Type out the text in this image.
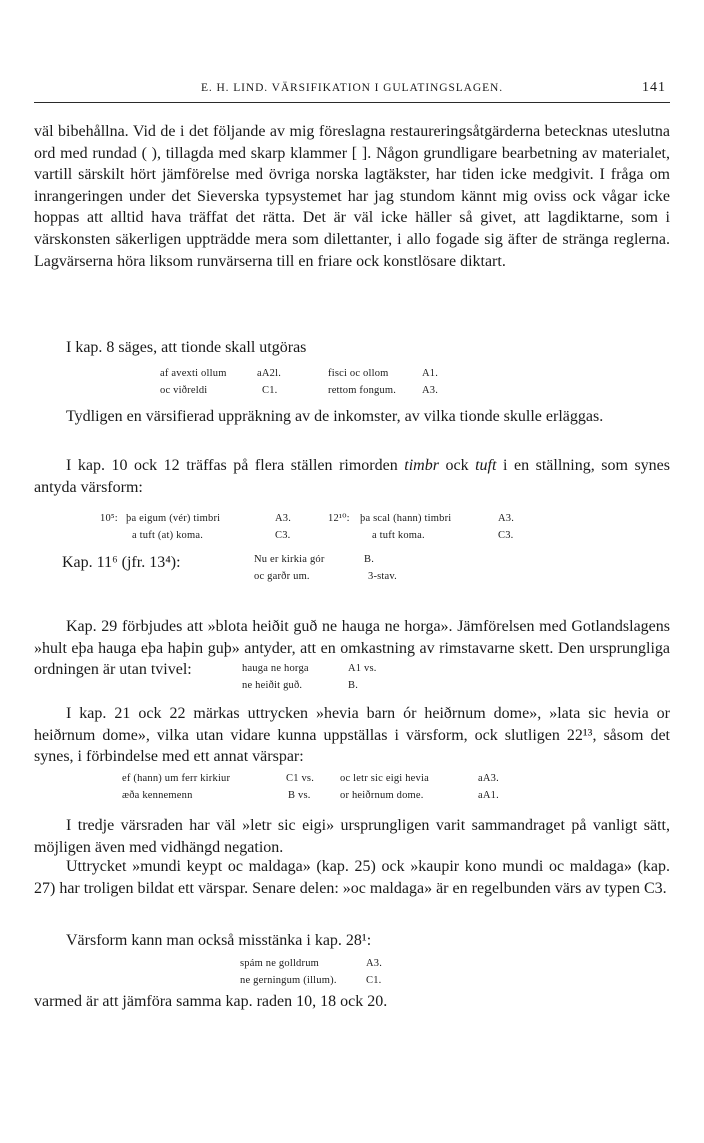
E. H. LIND. VÄRSIFIKATION I GULATINGSLAGEN.	141

väl bibehållna. Vid de i det följande av mig föreslagna restaureringsåtgärderna betecknas uteslutna ord med rundad ( ), tillagda med skarp klammer [ ]. Någon grundligare bearbetning av materialet, vartill särskilt hört jämförelse med övriga norska lagtäkster, har tiden icke medgivit. I fråga om inrangeringen under det Sieverska typsystemet har jag stundom kännt mig oviss ock vågar icke hoppas att alltid hava träffat det rätta. Det är väl icke häller så givet, att lagdiktarne, som i värskonsten säkerligen uppträdde mera som dilettanter, i allo fogade sig äfter de stränga reglerna. Lagvärserna höra liksom runvärserna till en friare ock konstlösare diktart.

I kap. 8 säges, att tionde skall utgöras

af avexti ollum	aA2l.	fisci oc ollom	A1.
oc viðreldi	C1.	rettom fongum. A3.

Tydligen en värsifierad uppräkning av de inkomster, av vilka tionde skulle erläggas.

I kap. 10 ock 12 träffas på flera ställen rimorden timbr ock tuft i en ställning, som synes antyda värsform:

10⁵: þa eigum (vér) timbri	A3.	12¹⁰: þa scal (hann) timbri	A3.
a tuft (at) koma.	C3.	a tuft koma.	C3.
Kap. 11⁶ (jfr. 13⁴):	Nu er kirkia gór	B.
oc garðr um.	3-stav.

Kap. 29 förbjudes att »blota heiðit guð ne hauga ne horga». Jämförelsen med Gotlandslagens »hult eþa hauga eþa haþin guþ» antyder, att en omkastning av rimstavarne skett. Den ursprungliga ordningen är utan tvivel:	hauga ne horga	A1 vs.
ne heiðit guð.	B.

I kap. 21 ock 22 märkas uttrycken »hevia barn ór heiðrnum dome», »lata sic hevia or heiðrnum dome», vilka utan vidare kunna uppställas i värsform, ock slutligen 22¹³, såsom det synes, i förbindelse med ett annat värspar:

ef (hann) um ferr kirkiur	C1 vs. oc letr sic eigi hevia	aA3.
æða kennemenn	B vs.	or heiðrnum dome.	aA1.

I tredje värsraden har väl »letr sic eigi» ursprungligen varit sammandraget på vanligt sätt, möjligen även med vidhängd negation.

Uttrycket »mundi keypt oc maldaga» (kap. 25) ock »kaupir kono mundi oc maldaga» (kap. 27) har troligen bildat ett värspar. Senare delen: »oc maldaga» är en regelbunden värs av typen C3.

Värsform kann man också misstänka i kap. 28¹:

spám ne golldrum	A3.
ne gerningum (illum).	C1.

varmed är att jämföra samma kap. raden 10, 18 ock 20.
